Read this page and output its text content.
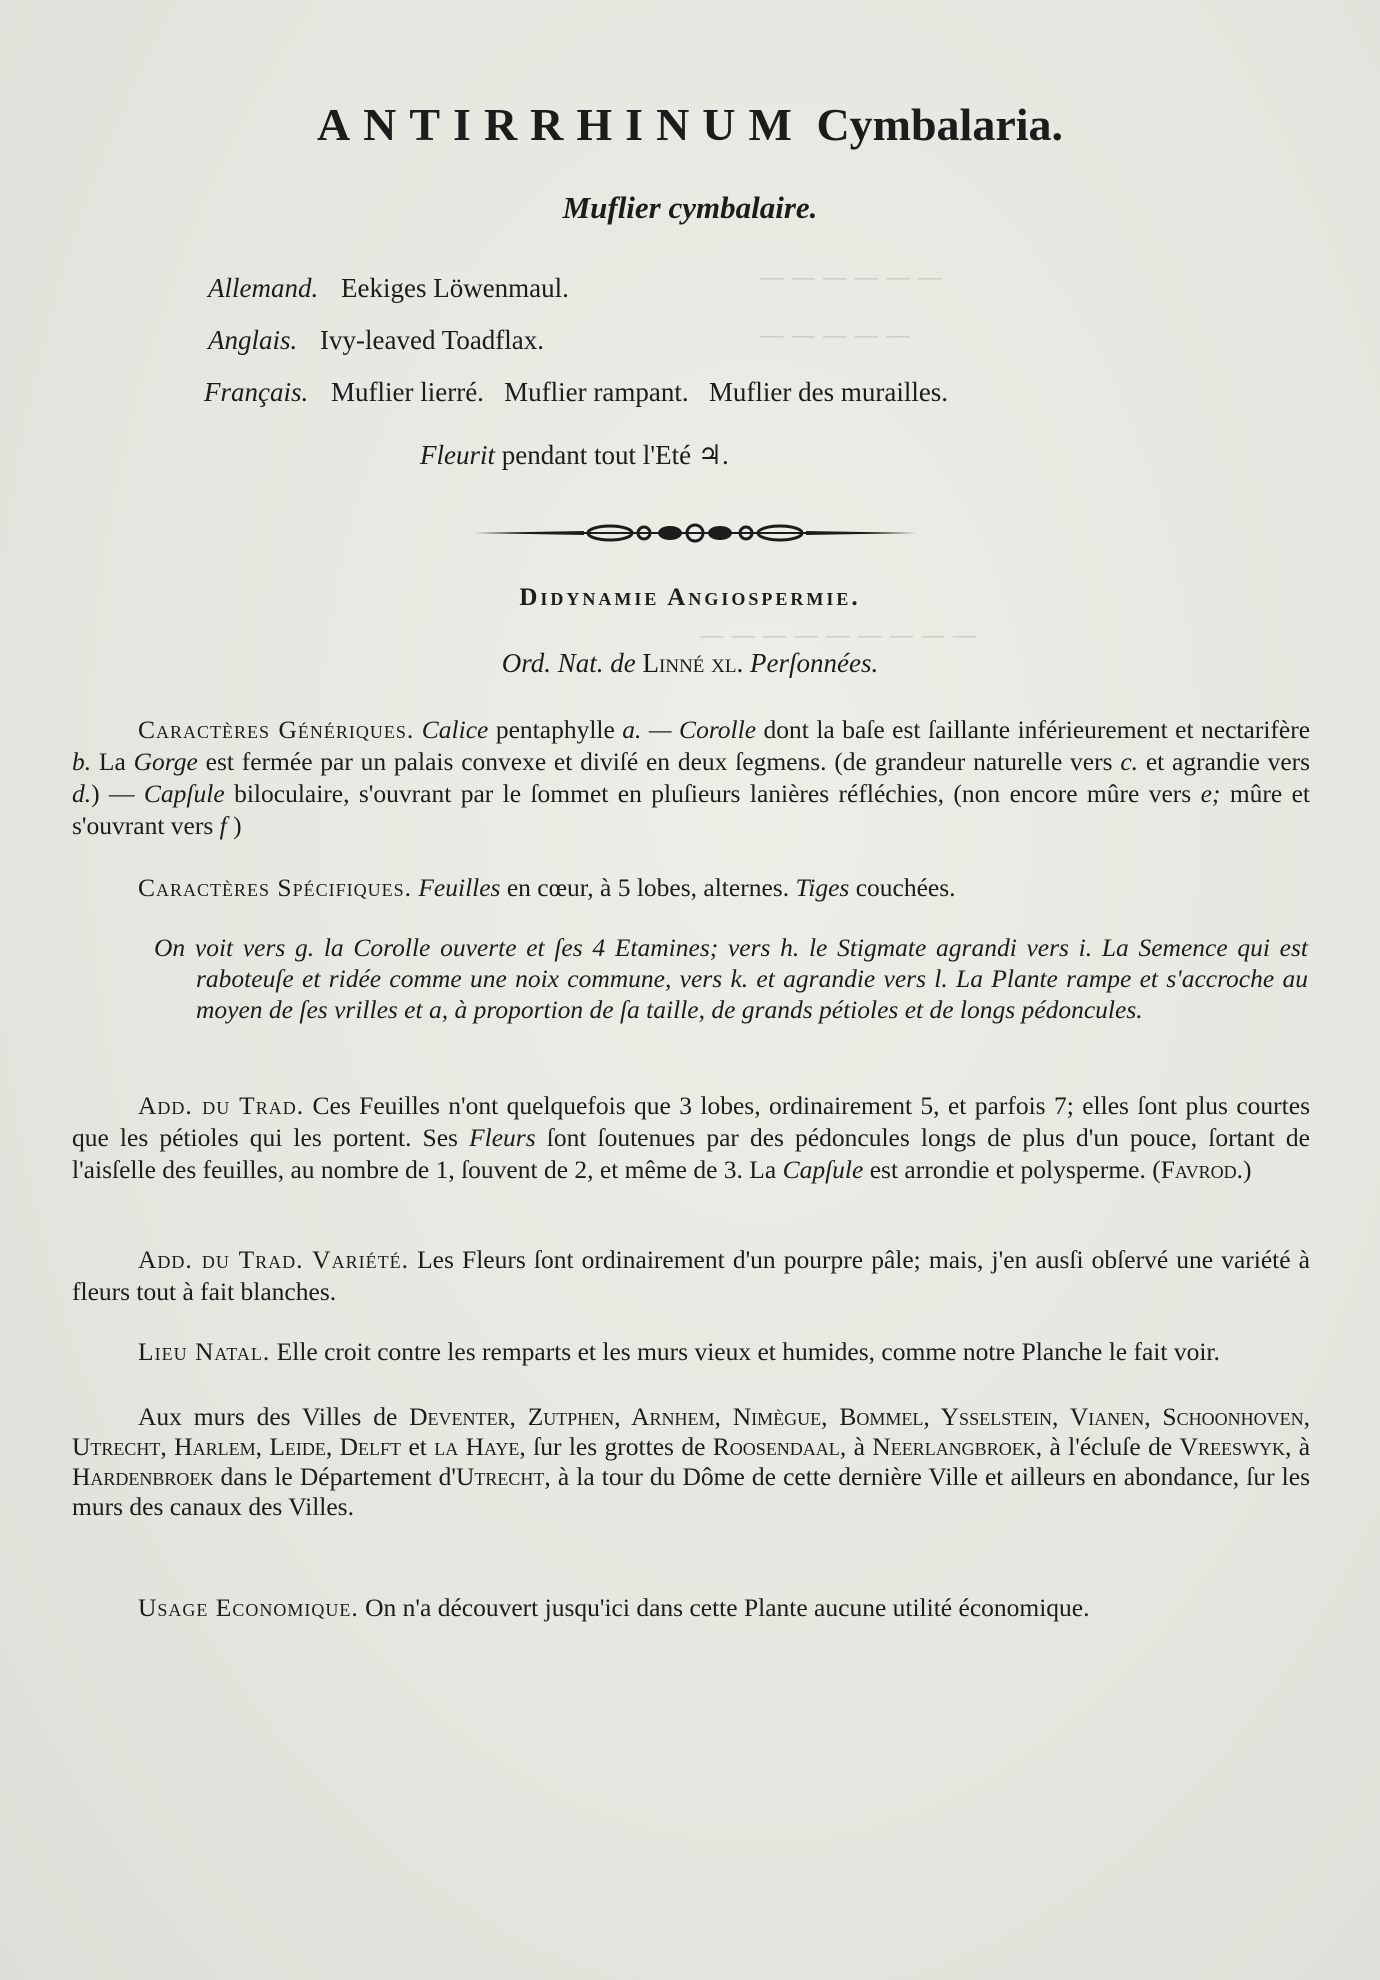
— — — — — —
— — — — —
— — — — — — — — —
ANTIRRHINUM Cymbalaria.
Muflier cymbalaire.
Allemand. Eekiges Löwenmaul.
Anglais. Ivy-leaved Toadflax.
Français. Muflier lierré.   Muflier rampant.   Muflier des murailles.
Fleurit pendant tout l'Eté ♃.
Didynamie Angiospermie.
Ord. Nat. de Linné xl. Perſonnées.
Caractères Génériques. Calice pentaphylle a. — Corolle dont la baſe est ſaillante inférieurement et nectarifère b. La Gorge est fermée par un palais convexe et diviſé en deux ſegmens. (de grandeur naturelle vers c. et agrandie vers d.) — Capſule biloculaire, s'ouvrant par le ſommet en pluſieurs lanières réfléchies, (non encore mûre vers e; mûre et s'ouvrant vers f )
Caractères Spécifiques. Feuilles en cœur, à 5 lobes, alternes. Tiges couchées.
On voit vers g. la Corolle ouverte et ſes 4 Etamines; vers h. le Stigmate agrandi vers i. La Semence qui est raboteuſe et ridée comme une noix commune, vers k. et agrandie vers l. La Plante rampe et s'accroche au moyen de ſes vrilles et a, à proportion de ſa taille, de grands pétioles et de longs pédoncules.
Add. du Trad. Ces Feuilles n'ont quelquefois que 3 lobes, ordinairement 5, et parfois 7; elles ſont plus courtes que les pétioles qui les portent. Ses Fleurs ſont ſoutenues par des pédoncules longs de plus d'un pouce, ſortant de l'aisſelle des feuilles, au nombre de 1, ſouvent de 2, et même de 3. La Capſule est arrondie et polysperme. (Favrod.)
Add. du Trad. Variété. Les Fleurs ſont ordinairement d'un pourpre pâle; mais, j'en ausſi obſervé une variété à fleurs tout à fait blanches.
Lieu Natal. Elle croit contre les remparts et les murs vieux et humides, comme notre Planche le fait voir.
Aux murs des Villes de Deventer, Zutphen, Arnhem, Nimègue, Bommel, Ysselstein, Vianen, Schoonhoven, Utrecht, Harlem, Leide, Delft et la Haye, ſur les grottes de Roosendaal, à Neerlangbroek, à l'écluſe de Vreeswyk, à Hardenbroek dans le Département d'Utrecht, à la tour du Dôme de cette dernière Ville et ailleurs en abondance, ſur les murs des canaux des Villes.
Usage Economique. On n'a découvert jusqu'ici dans cette Plante aucune utilité économique.
